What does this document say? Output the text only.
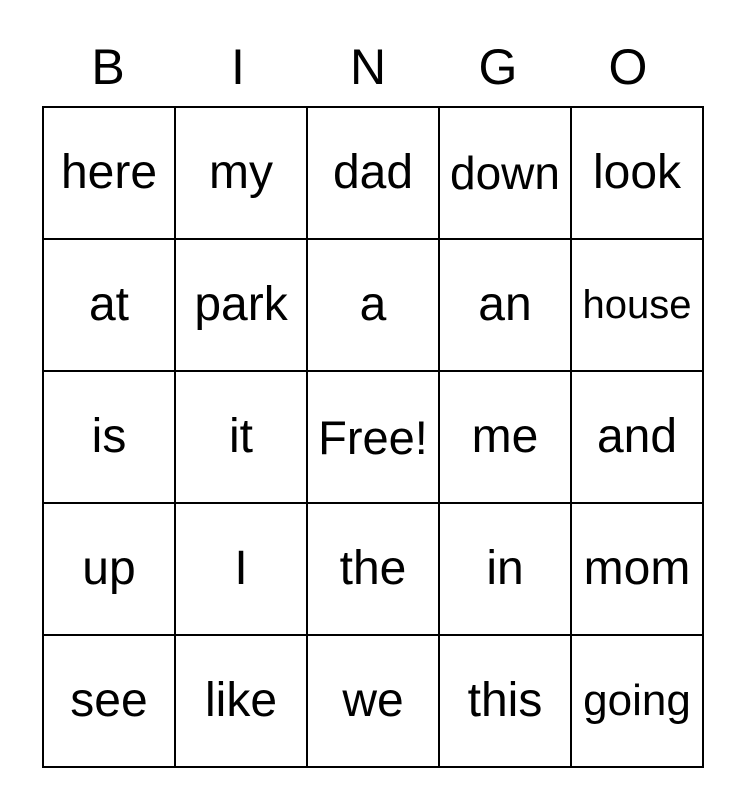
B	I	N	G	O
here	my	dad	down	look
at	park	a	an	house
is	it	Free!	me	and
up	I	the	in	mom
see	like	we	this	going
